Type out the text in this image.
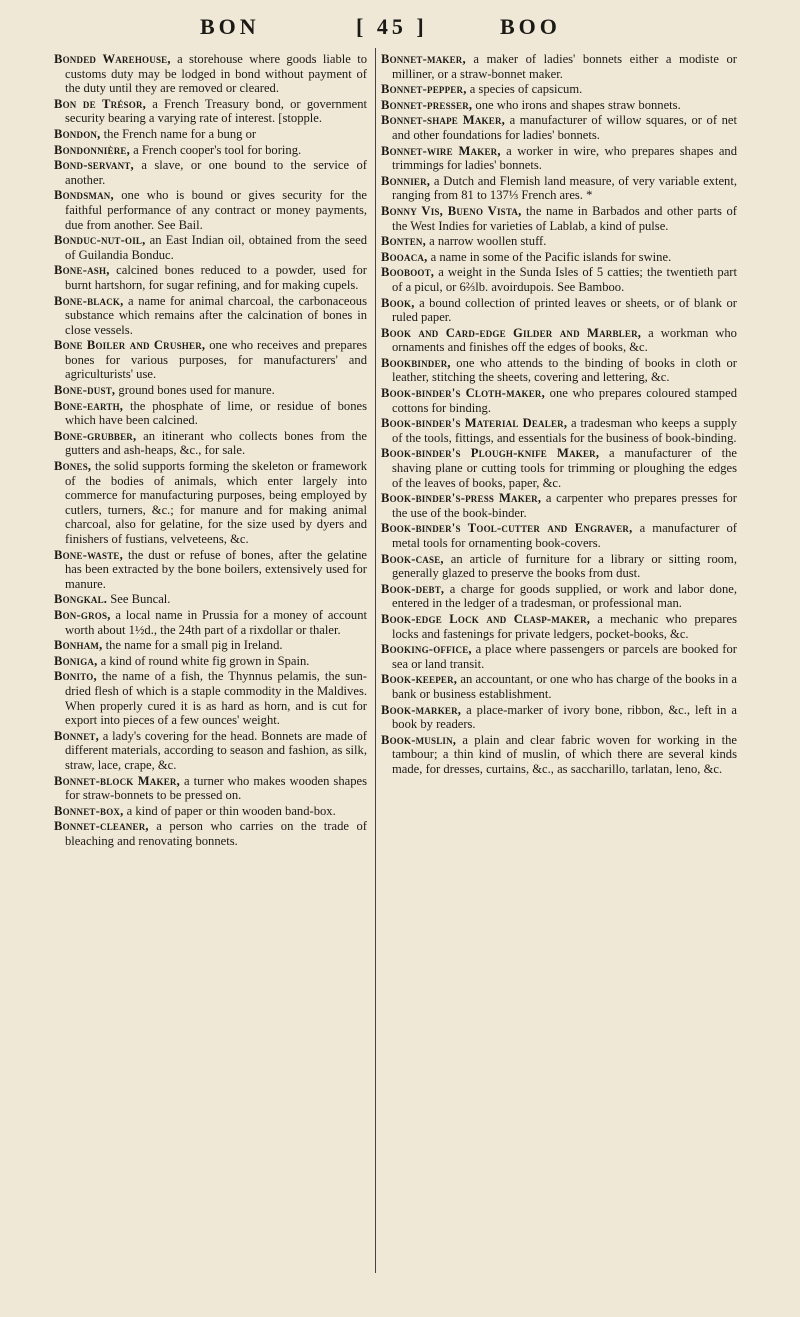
BON	[ 45 ]	BOO

Bonded Warehouse, a storehouse where goods liable to customs duty may be lodged in bond without payment of the duty until they are removed or cleared.

Bon de Trésor, a French Treasury bond, or government security bearing a varying rate of interest. [stopple.

Bondon, the French name for a bung or

Bondonnière, a French cooper's tool for boring.

Bond-servant, a slave, or one bound to the service of another.

Bondsman, one who is bound or gives security for the faithful performance of any contract or money payments, due from another. See Bail.

Bonduc-nut-oil, an East Indian oil, obtained from the seed of Guilandia Bonduc.

Bone-ash, calcined bones reduced to a powder, used for burnt hartshorn, for sugar refining, and for making cupels.

Bone-black, a name for animal charcoal, the carbonaceous substance which remains after the calcination of bones in close vessels.

Bone Boiler and Crusher, one who receives and prepares bones for various purposes, for manufacturers' and agriculturists' use.

Bone-dust, ground bones used for manure.

Bone-earth, the phosphate of lime, or residue of bones which have been calcined.

Bone-grubber, an itinerant who collects bones from the gutters and ash-heaps, &c., for sale.

Bones, the solid supports forming the skeleton or framework of the bodies of animals, which enter largely into commerce for manufacturing purposes, being employed by cutlers, turners, &c.; for manure and for making animal charcoal, also for gelatine, for the size used by dyers and finishers of fustians, velveteens, &c.

Bone-waste, the dust or refuse of bones, after the gelatine has been extracted by the bone boilers, extensively used for manure.

Bongkal. See Buncal.

Bon-gros, a local name in Prussia for a money of account worth about 1½d., the 24th part of a rixdollar or thaler.

Bonham, the name for a small pig in Ireland.

Boniga, a kind of round white fig grown in Spain.

Bonito, the name of a fish, the Thynnus pelamis, the sun-dried flesh of which is a staple commodity in the Maldives. When properly cured it is as hard as horn, and is cut for export into pieces of a few ounces' weight.

Bonnet, a lady's covering for the head. Bonnets are made of different materials, according to season and fashion, as silk, straw, lace, crape, &c.

Bonnet-block Maker, a turner who makes wooden shapes for straw-bonnets to be pressed on.

Bonnet-box, a kind of paper or thin wooden band-box.

Bonnet-cleaner, a person who carries on the trade of bleaching and renovating bonnets.

Bonnet-maker, a maker of ladies' bonnets either a modiste or milliner, or a straw-bonnet maker.

Bonnet-pepper, a species of capsicum.

Bonnet-presser, one who irons and shapes straw bonnets.

Bonnet-shape Maker, a manufacturer of willow squares, or of net and other foundations for ladies' bonnets.

Bonnet-wire Maker, a worker in wire, who prepares shapes and trimmings for ladies' bonnets.

Bonnier, a Dutch and Flemish land measure, of very variable extent, ranging from 81 to 137⅓ French ares. *

Bonny Vis, Bueno Vista, the name in Barbados and other parts of the West Indies for varieties of Lablab, a kind of pulse.

Bonten, a narrow woollen stuff.

Booaca, a name in some of the Pacific islands for swine.

Booboot, a weight in the Sunda Isles of 5 catties; the twentieth part of a picul, or 6⅔lb. avoirdupois. See Bamboo.

Book, a bound collection of printed leaves or sheets, or of blank or ruled paper.

Book and Card-edge Gilder and Marbler, a workman who ornaments and finishes off the edges of books, &c.

Bookbinder, one who attends to the binding of books in cloth or leather, stitching the sheets, covering and lettering, &c.

Book-binder's Cloth-maker, one who prepares coloured stamped cottons for binding.

Book-binder's Material Dealer, a tradesman who keeps a supply of the tools, fittings, and essentials for the business of book-binding.

Book-binder's Plough-knife Maker, a manufacturer of the shaving plane or cutting tools for trimming or ploughing the edges of the leaves of books, paper, &c.

Book-binder's-press Maker, a carpenter who prepares presses for the use of the book-binder.

Book-binder's Tool-cutter and Engraver, a manufacturer of metal tools for ornamenting book-covers.

Book-case, an article of furniture for a library or sitting room, generally glazed to preserve the books from dust.

Book-debt, a charge for goods supplied, or work and labor done, entered in the ledger of a tradesman, or professional man.

Book-edge Lock and Clasp-maker, a mechanic who prepares locks and fastenings for private ledgers, pocket-books, &c.

Booking-office, a place where passengers or parcels are booked for sea or land transit.

Book-keeper, an accountant, or one who has charge of the books in a bank or business establishment.

Book-marker, a place-marker of ivory bone, ribbon, &c., left in a book by readers.

Book-muslin, a plain and clear fabric woven for working in the tambour; a thin kind of muslin, of which there are several kinds made, for dresses, curtains, &c., as saccharillo, tarlatan, leno, &c.
